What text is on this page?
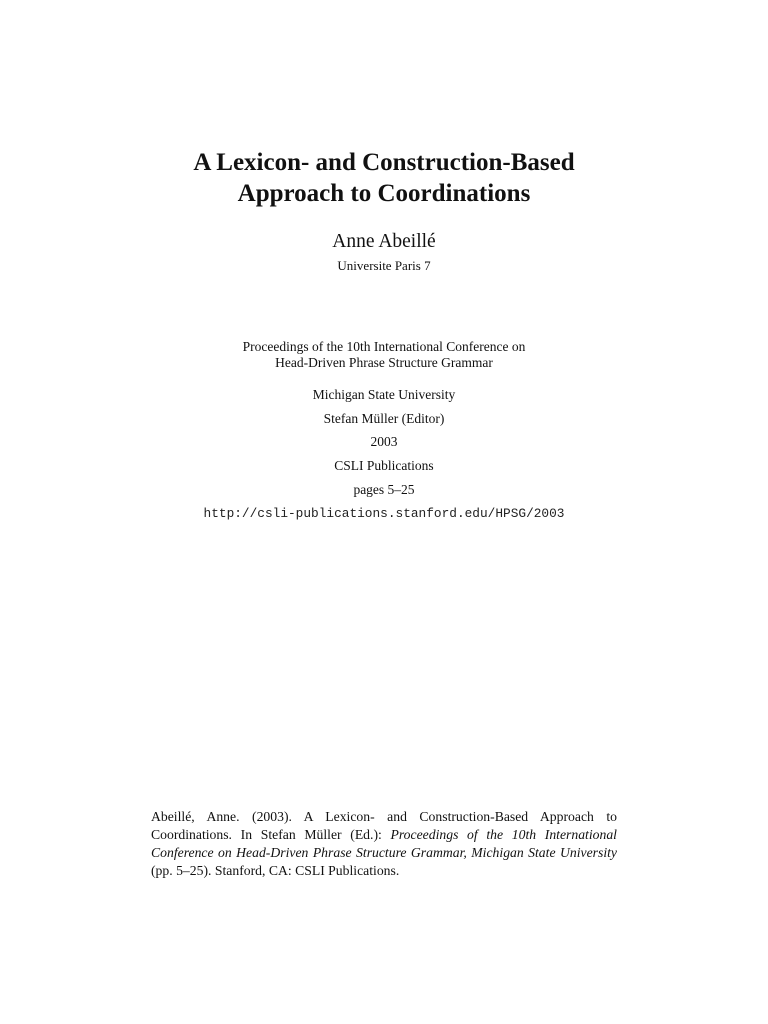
A Lexicon- and Construction-Based
Approach to Coordinations
Anne Abeillé
Universite Paris 7
Proceedings of the 10th International Conference on
Head-Driven Phrase Structure Grammar
Michigan State University
Stefan Müller (Editor)
2003
CSLI Publications
pages 5–25
http://csli-publications.stanford.edu/HPSG/2003
Abeillé, Anne. (2003). A Lexicon- and Construction-Based Approach to Coordinations. In Stefan Müller (Ed.): Proceedings of the 10th International Conference on Head-Driven Phrase Structure Grammar, Michigan State University (pp. 5–25). Stanford, CA: CSLI Publications.
